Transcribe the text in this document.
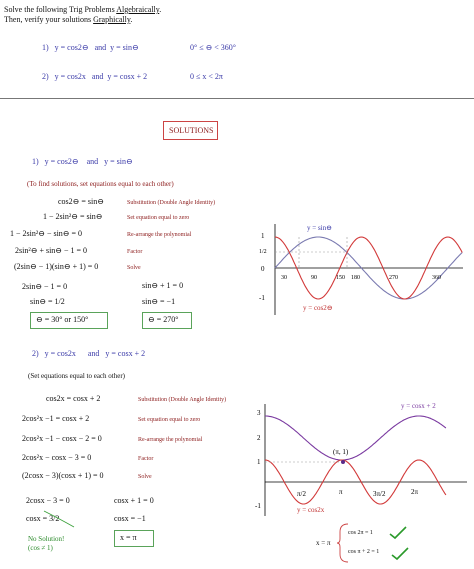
Solve the following Trig Problems Algebraically.
Then, verify your solutions Graphically.
1) y = cos2⊖ and y = sin⊖	0° ≤ ⊖ < 360°
2) y = cos2x and y = cosx + 2	0 ≤ x < 2π
SOLUTIONS
1) y = cos2⊖ and y = sin⊖
(To find solutions, set equations equal to each other)
cos2⊖ = sin⊖	Substitution (Double Angle Identity)
1 − 2sin²⊖ = sin⊖	Set equation equal to zero
1 − 2sin²⊖ − sin⊖ = 0	Re-arrange the polynomial
2sin²⊖ + sin⊖ − 1 = 0	Factor
(2sin⊖ − 1)(sin⊖ + 1) = 0	Solve
2sin⊖ − 1 = 0
sin⊖ = 1/2
⊖ = 30° or 150°
sin⊖ + 1 = 0
sin⊖ = −1
⊖ = 270°
1
1/2
0
-1
30	90	150 180	270	360
y = sin⊖
y = cos2⊖
2) y = cos2x and y = cosx + 2
(Set equations equal to each other)
cos2x = cosx + 2	Substitution (Double Angle Identity)
2cos²x −1 = cosx + 2	Set equation equal to zero
2cos²x −1 − cosx − 2 = 0	Re-arrange the polynomial
2cos²x − cosx − 3 = 0	Factor
(2cosx − 3)(cosx + 1) = 0	Solve
2cosx − 3 = 0
cosx = 3/2
No Solution!
(cos ≠ 1)
cosx + 1 = 0
cosx = −1
x = π
3
2
1
-1
π/2	π	3π/2	2π
(π, 1)
y = cosx + 2
y = cos2x
x = π
cos 2π = 1
cos π + 2 = 1
